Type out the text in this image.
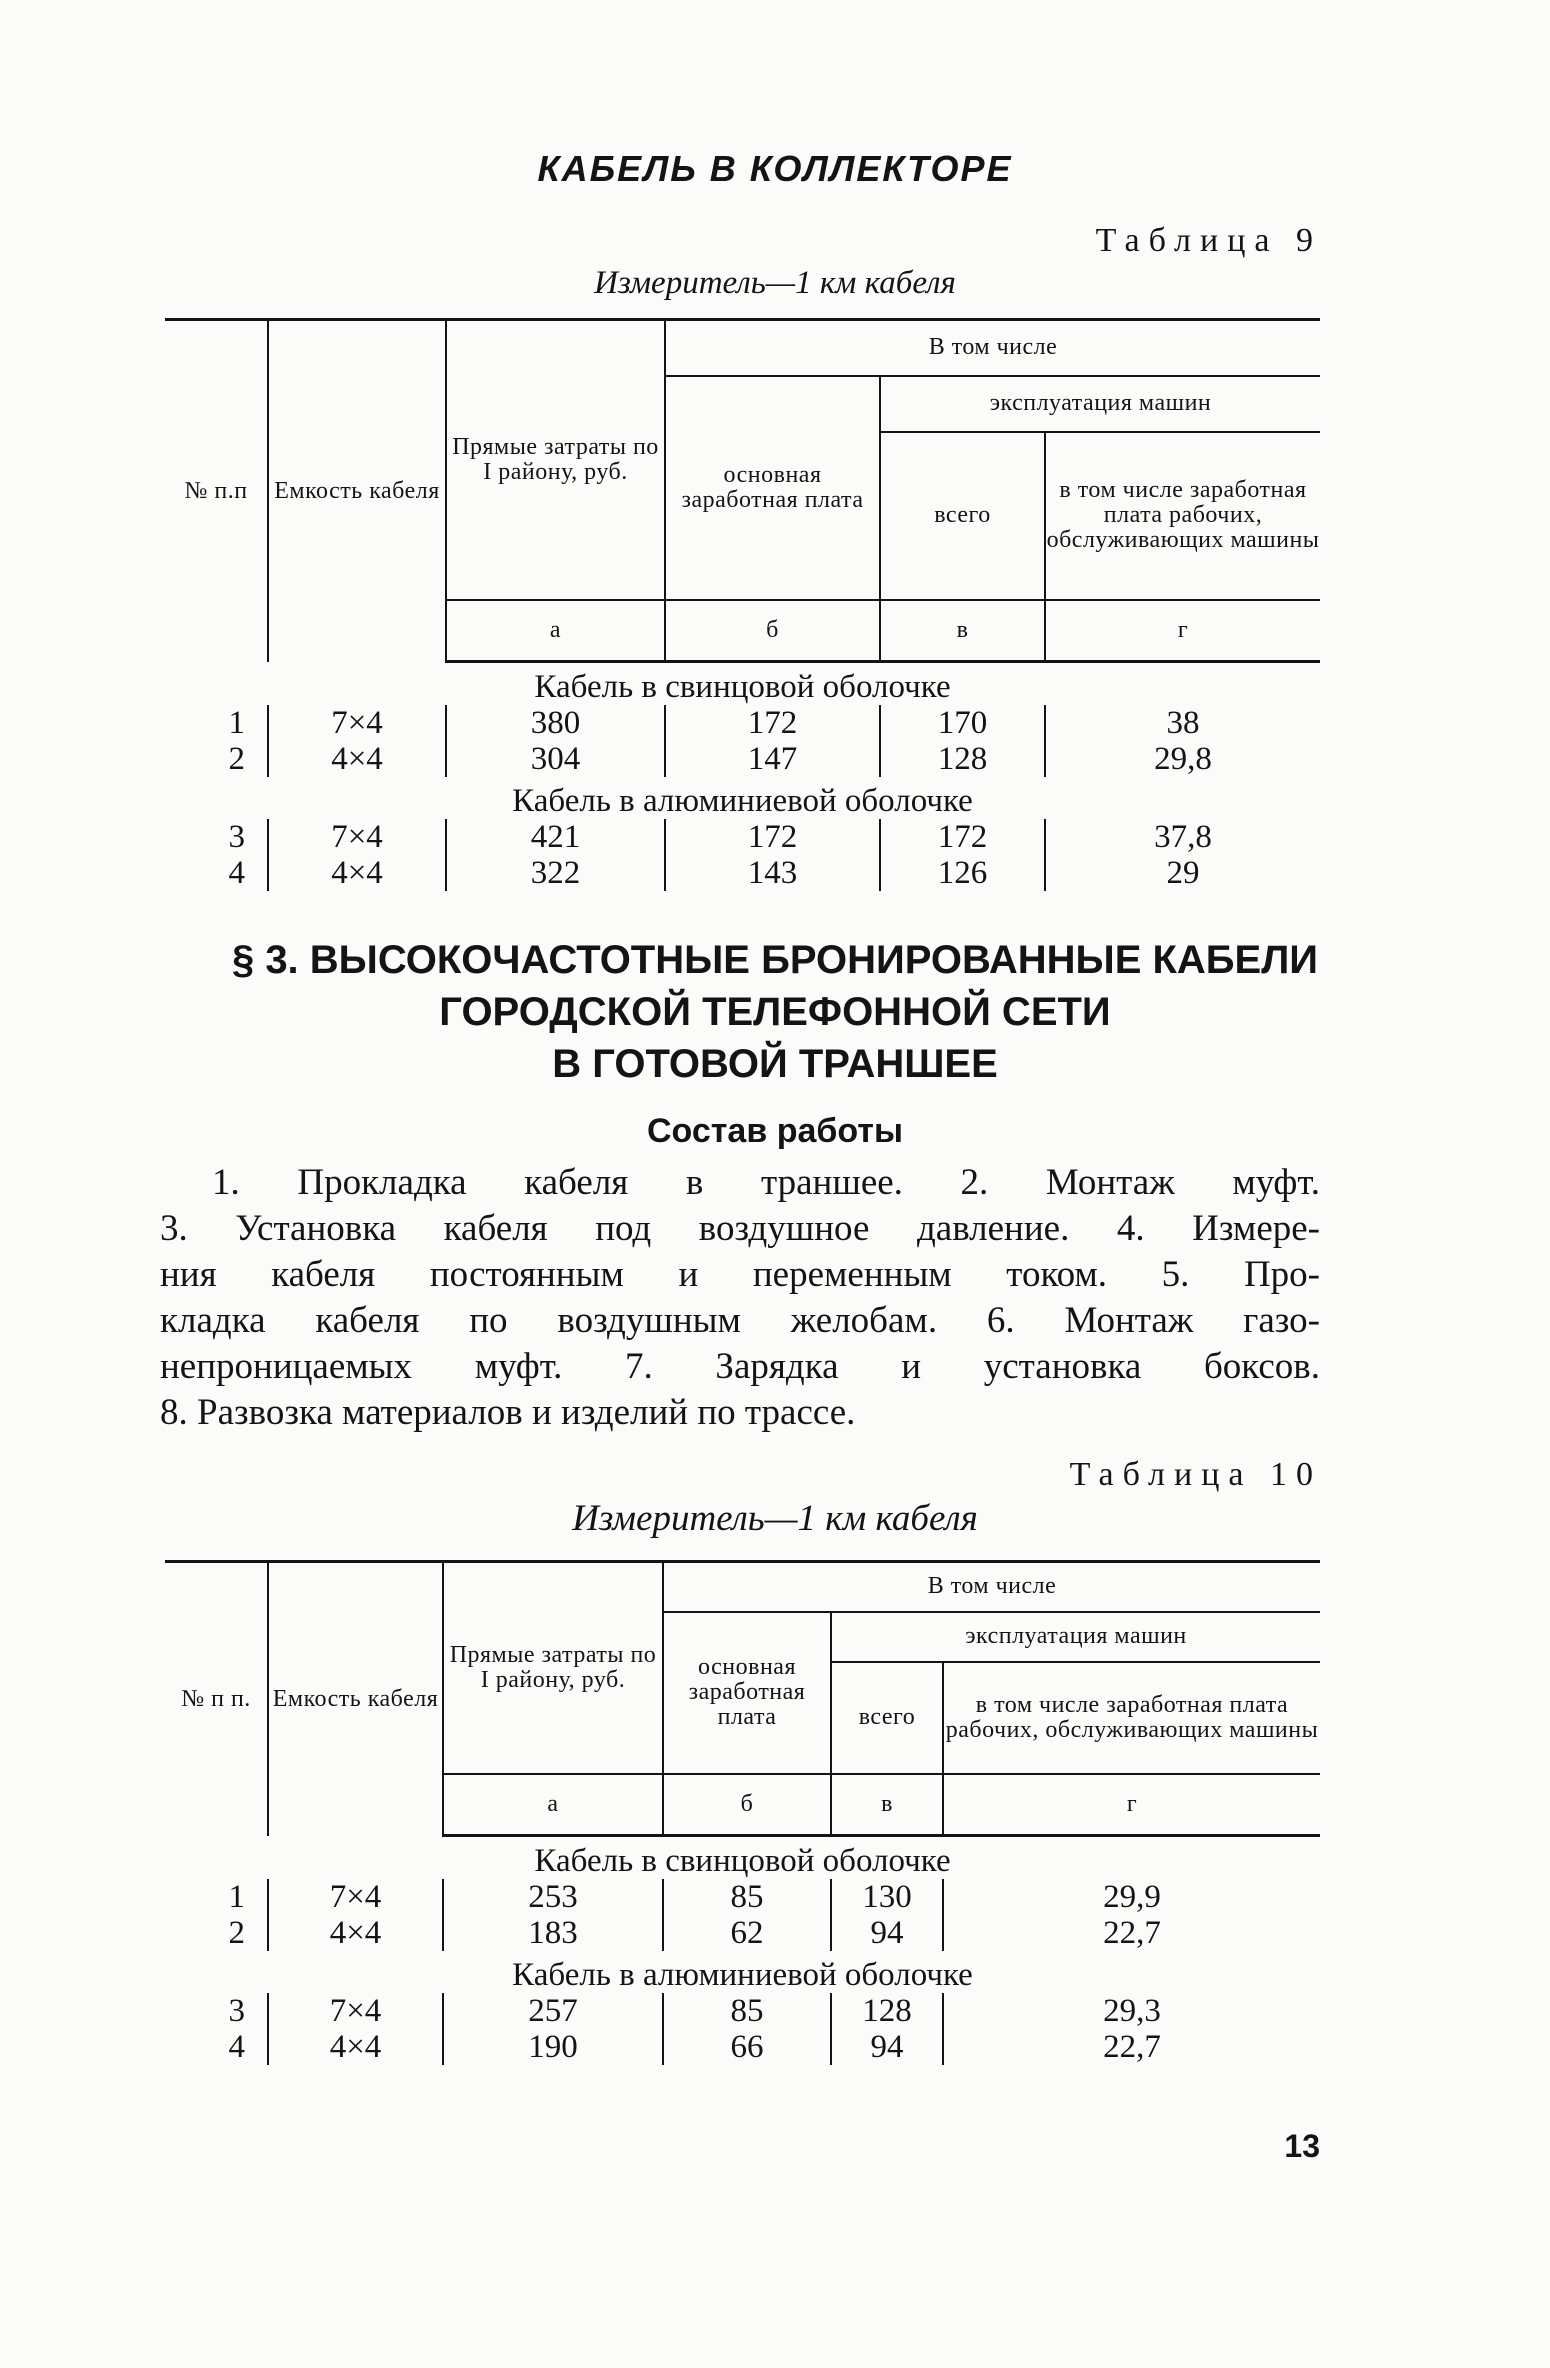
КАБЕЛЬ В КОЛЛЕКТОРЕ
Таблица 9
Измеритель—1 км кабеля
№ п.п	Емкость кабеля	Прямые затраты по I району, руб.	В том числе		
			основная заработная плата	эксплуатация машин	
				всего	в том числе заработная плата рабочих, обслуживающих машины
		а	б	в	г
Кабель в свинцовой оболочке					
1	7×4	380	172	170	38
2	4×4	304	147	128	29,8
Кабель в алюминиевой оболочке					
3	7×4	421	172	172	37,8
4	4×4	322	143	126	29
§ 3. ВЫСОКОЧАСТОТНЫЕ БРОНИРОВАННЫЕ КАБЕЛИ
ГОРОДСКОЙ ТЕЛЕФОННОЙ СЕТИ
В ГОТОВОЙ ТРАНШЕЕ
Состав работы

1. Прокладка кабеля в траншее. 2. Монтаж муфт.

3. Установка кабеля под воздушное давление. 4. Измере-

ния кабеля постоянным и переменным током. 5. Про-

кладка кабеля по воздушным желобам. 6. Монтаж газо-

непроницаемых муфт. 7. Зарядка и установка боксов.

8. Развозка материалов и изделий по трассе.

Таблица 10
Измеритель—1 км кабеля
№ п п.	Емкость кабеля	Прямые затраты по I району, руб.	В том числе		
			основная заработная плата	эксплуатация машин	
				всего	в том числе заработная плата рабочих, обслуживающих машины
		а	б	в	г
Кабель в свинцовой оболочке					
1	7×4	253	85	130	29,9
2	4×4	183	62	94	22,7
Кабель в алюминиевой оболочке					
3	7×4	257	85	128	29,3
4	4×4	190	66	94	22,7
13
